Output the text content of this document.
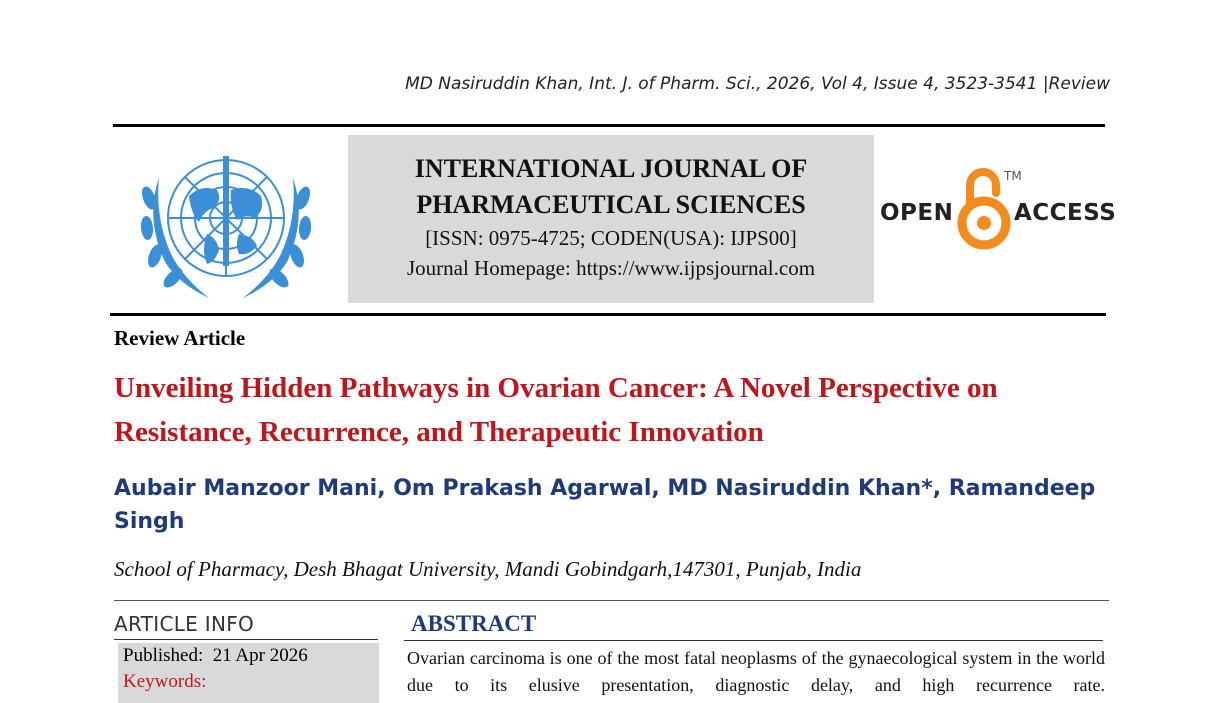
MD Nasiruddin Khan, Int. J. of Pharm. Sci., 2026, Vol 4, Issue 4, 3523-3541 |Review
INTERNATIONAL JOURNAL OF
PHARMACEUTICAL SCIENCES
[ISSN: 0975-4725; CODEN(USA): IJPS00]
Journal Homepage: https://www.ijpsjournal.com
OPEN	ACCESS
TM
Review Article
Unveiling Hidden Pathways in Ovarian Cancer: A Novel Perspective on Resistance, Recurrence, and Therapeutic Innovation
Aubair Manzoor Mani, Om Prakash Agarwal, MD Nasiruddin Khan*, Ramandeep Singh
School of Pharmacy, Desh Bhagat University, Mandi Gobindgarh,147301, Punjab, India
ARTICLE INFO
Published: 21 Apr 2026
Keywords:
ABSTRACT
Ovarian carcinoma is one of the most fatal neoplasms of the gynaecological system in the world due to its elusive presentation, diagnostic delay, and high recurrence rate.
